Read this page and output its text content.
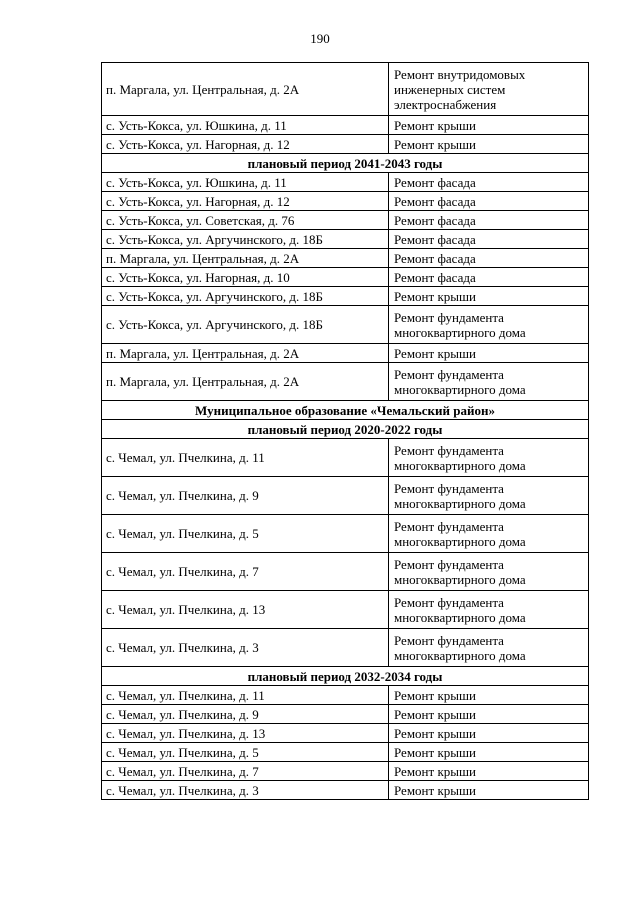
190
п. Маргала, ул. Центральная, д. 2А	Ремонт внутридомовых
инженерных систем
электроснабжения

с. Усть-Кокса, ул. Юшкина, д. 11	Ремонт крыши

с. Усть-Кокса, ул. Нагорная, д. 12	Ремонт крыши

плановый период 2041-2043 годы	
с. Усть-Кокса, ул. Юшкина, д. 11	Ремонт фасада

с. Усть-Кокса, ул. Нагорная, д. 12	Ремонт фасада

с. Усть-Кокса, ул. Советская, д. 76	Ремонт фасада

с. Усть-Кокса, ул. Аргучинского, д. 18Б	Ремонт фасада

п. Маргала, ул. Центральная, д. 2А	Ремонт фасада

с. Усть-Кокса, ул. Нагорная, д. 10	Ремонт фасада

с. Усть-Кокса, ул. Аргучинского, д. 18Б	Ремонт крыши

с. Усть-Кокса, ул. Аргучинского, д. 18Б	Ремонт фундамента
многоквартирного дома

п. Маргала, ул. Центральная, д. 2А	Ремонт крыши

п. Маргала, ул. Центральная, д. 2А	Ремонт фундамента
многоквартирного дома

Муниципальное образование «Чемальский район»	
плановый период 2020-2022 годы	
с. Чемал, ул. Пчелкина, д. 11	Ремонт фундамента
многоквартирного дома

с. Чемал, ул. Пчелкина, д. 9	Ремонт фундамента
многоквартирного дома

с. Чемал, ул. Пчелкина, д. 5	Ремонт фундамента
многоквартирного дома

с. Чемал, ул. Пчелкина, д. 7	Ремонт фундамента
многоквартирного дома

с. Чемал, ул. Пчелкина, д. 13	Ремонт фундамента
многоквартирного дома

с. Чемал, ул. Пчелкина, д. 3	Ремонт фундамента
многоквартирного дома

плановый период 2032-2034 годы	
с. Чемал, ул. Пчелкина, д. 11	Ремонт крыши

с. Чемал, ул. Пчелкина, д. 9	Ремонт крыши

с. Чемал, ул. Пчелкина, д. 13	Ремонт крыши

с. Чемал, ул. Пчелкина, д. 5	Ремонт крыши

с. Чемал, ул. Пчелкина, д. 7	Ремонт крыши

с. Чемал, ул. Пчелкина, д. 3	Ремонт крыши
